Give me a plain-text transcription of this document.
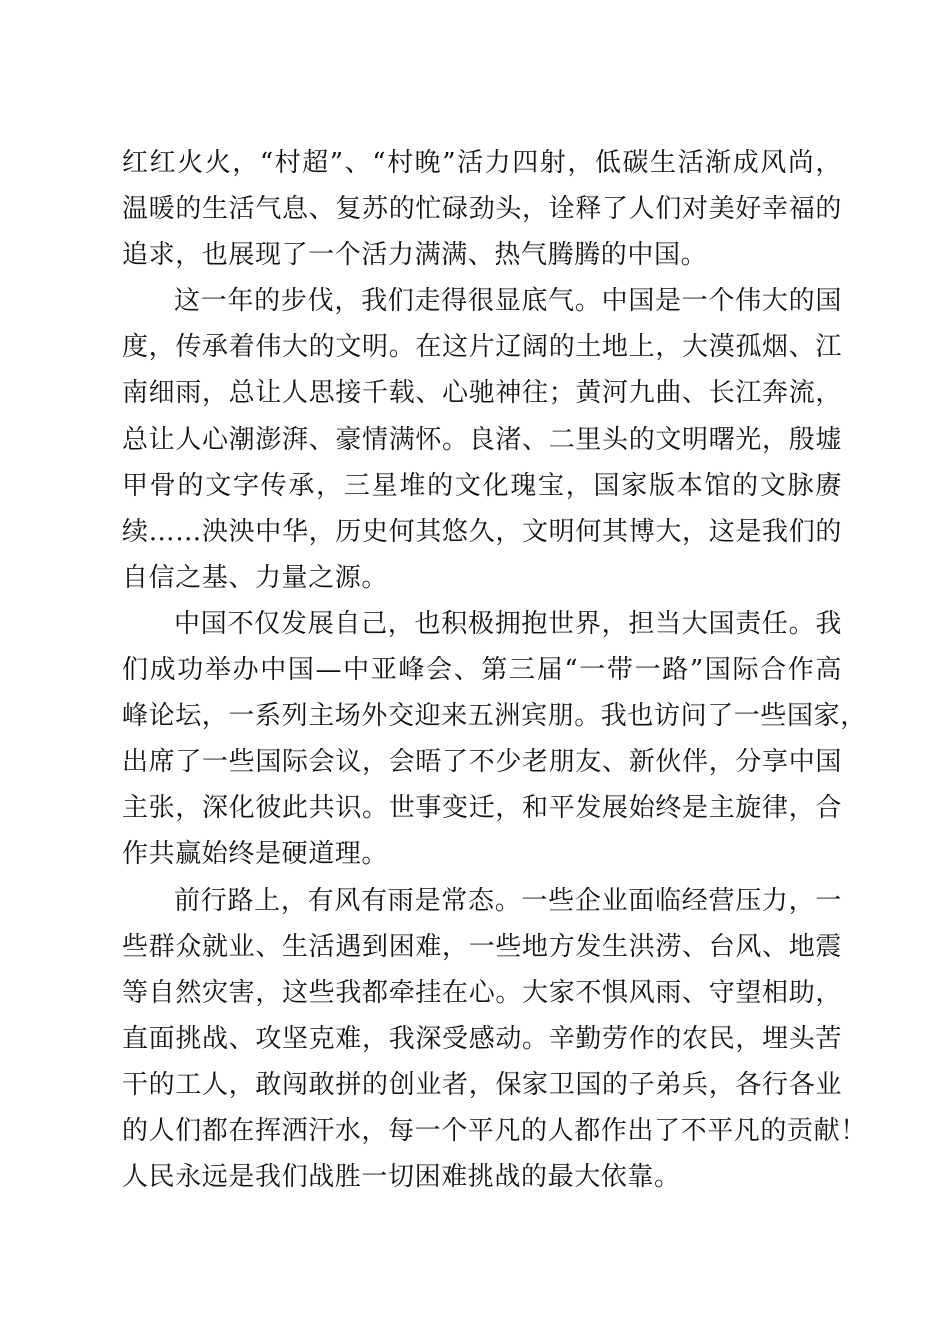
红红火火，“村超”、“村晚”活力四射，低碳生活渐成风尚，
温暖的生活气息、复苏的忙碌劲头，诠释了人们对美好幸福的
追求，也展现了一个活力满满、热气腾腾的中国。
这一年的步伐，我们走得很显底气。中国是一个伟大的国
度，传承着伟大的文明。在这片辽阔的土地上，大漠孤烟、江
南细雨，总让人思接千载、心驰神往；黄河九曲、长江奔流，
总让人心潮澎湃、豪情满怀。良渚、二里头的文明曙光，殷墟
甲骨的文字传承，三星堆的文化瑰宝，国家版本馆的文脉赓
续……泱泱中华，历史何其悠久，文明何其博大，这是我们的
自信之基、力量之源。
中国不仅发展自己，也积极拥抱世界，担当大国责任。我
们成功举办中国—中亚峰会、第三届“一带一路”国际合作高
峰论坛，一系列主场外交迎来五洲宾朋。我也访问了一些国家，
出席了一些国际会议，会晤了不少老朋友、新伙伴，分享中国
主张，深化彼此共识。世事变迁，和平发展始终是主旋律，合
作共赢始终是硬道理。
前行路上，有风有雨是常态。一些企业面临经营压力，一
些群众就业、生活遇到困难，一些地方发生洪涝、台风、地震
等自然灾害，这些我都牵挂在心。大家不惧风雨、守望相助，
直面挑战、攻坚克难，我深受感动。辛勤劳作的农民，埋头苦
干的工人，敢闯敢拼的创业者，保家卫国的子弟兵，各行各业
的人们都在挥洒汗水，每一个平凡的人都作出了不平凡的贡献！
人民永远是我们战胜一切困难挑战的最大依靠。
